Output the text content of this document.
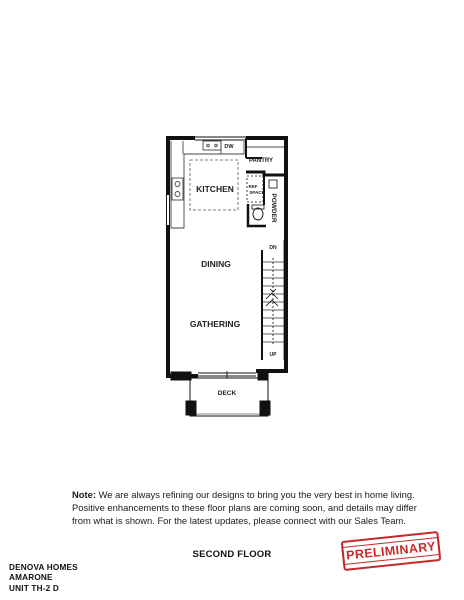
KITCHEN
PANTRY
DW
REF
SPACE
POWDER
DINING
GATHERING
DECK
DN
UP
Note: We are always refining our designs to bring you the very best in home living. Positive enhancements to these floor plans are coming soon, and details may differ from what is shown. For the latest updates, please connect with our Sales Team.
SECOND FLOOR	PRELIMINARY
DENOVA HOMES
AMARONE
UNIT TH-2 D
